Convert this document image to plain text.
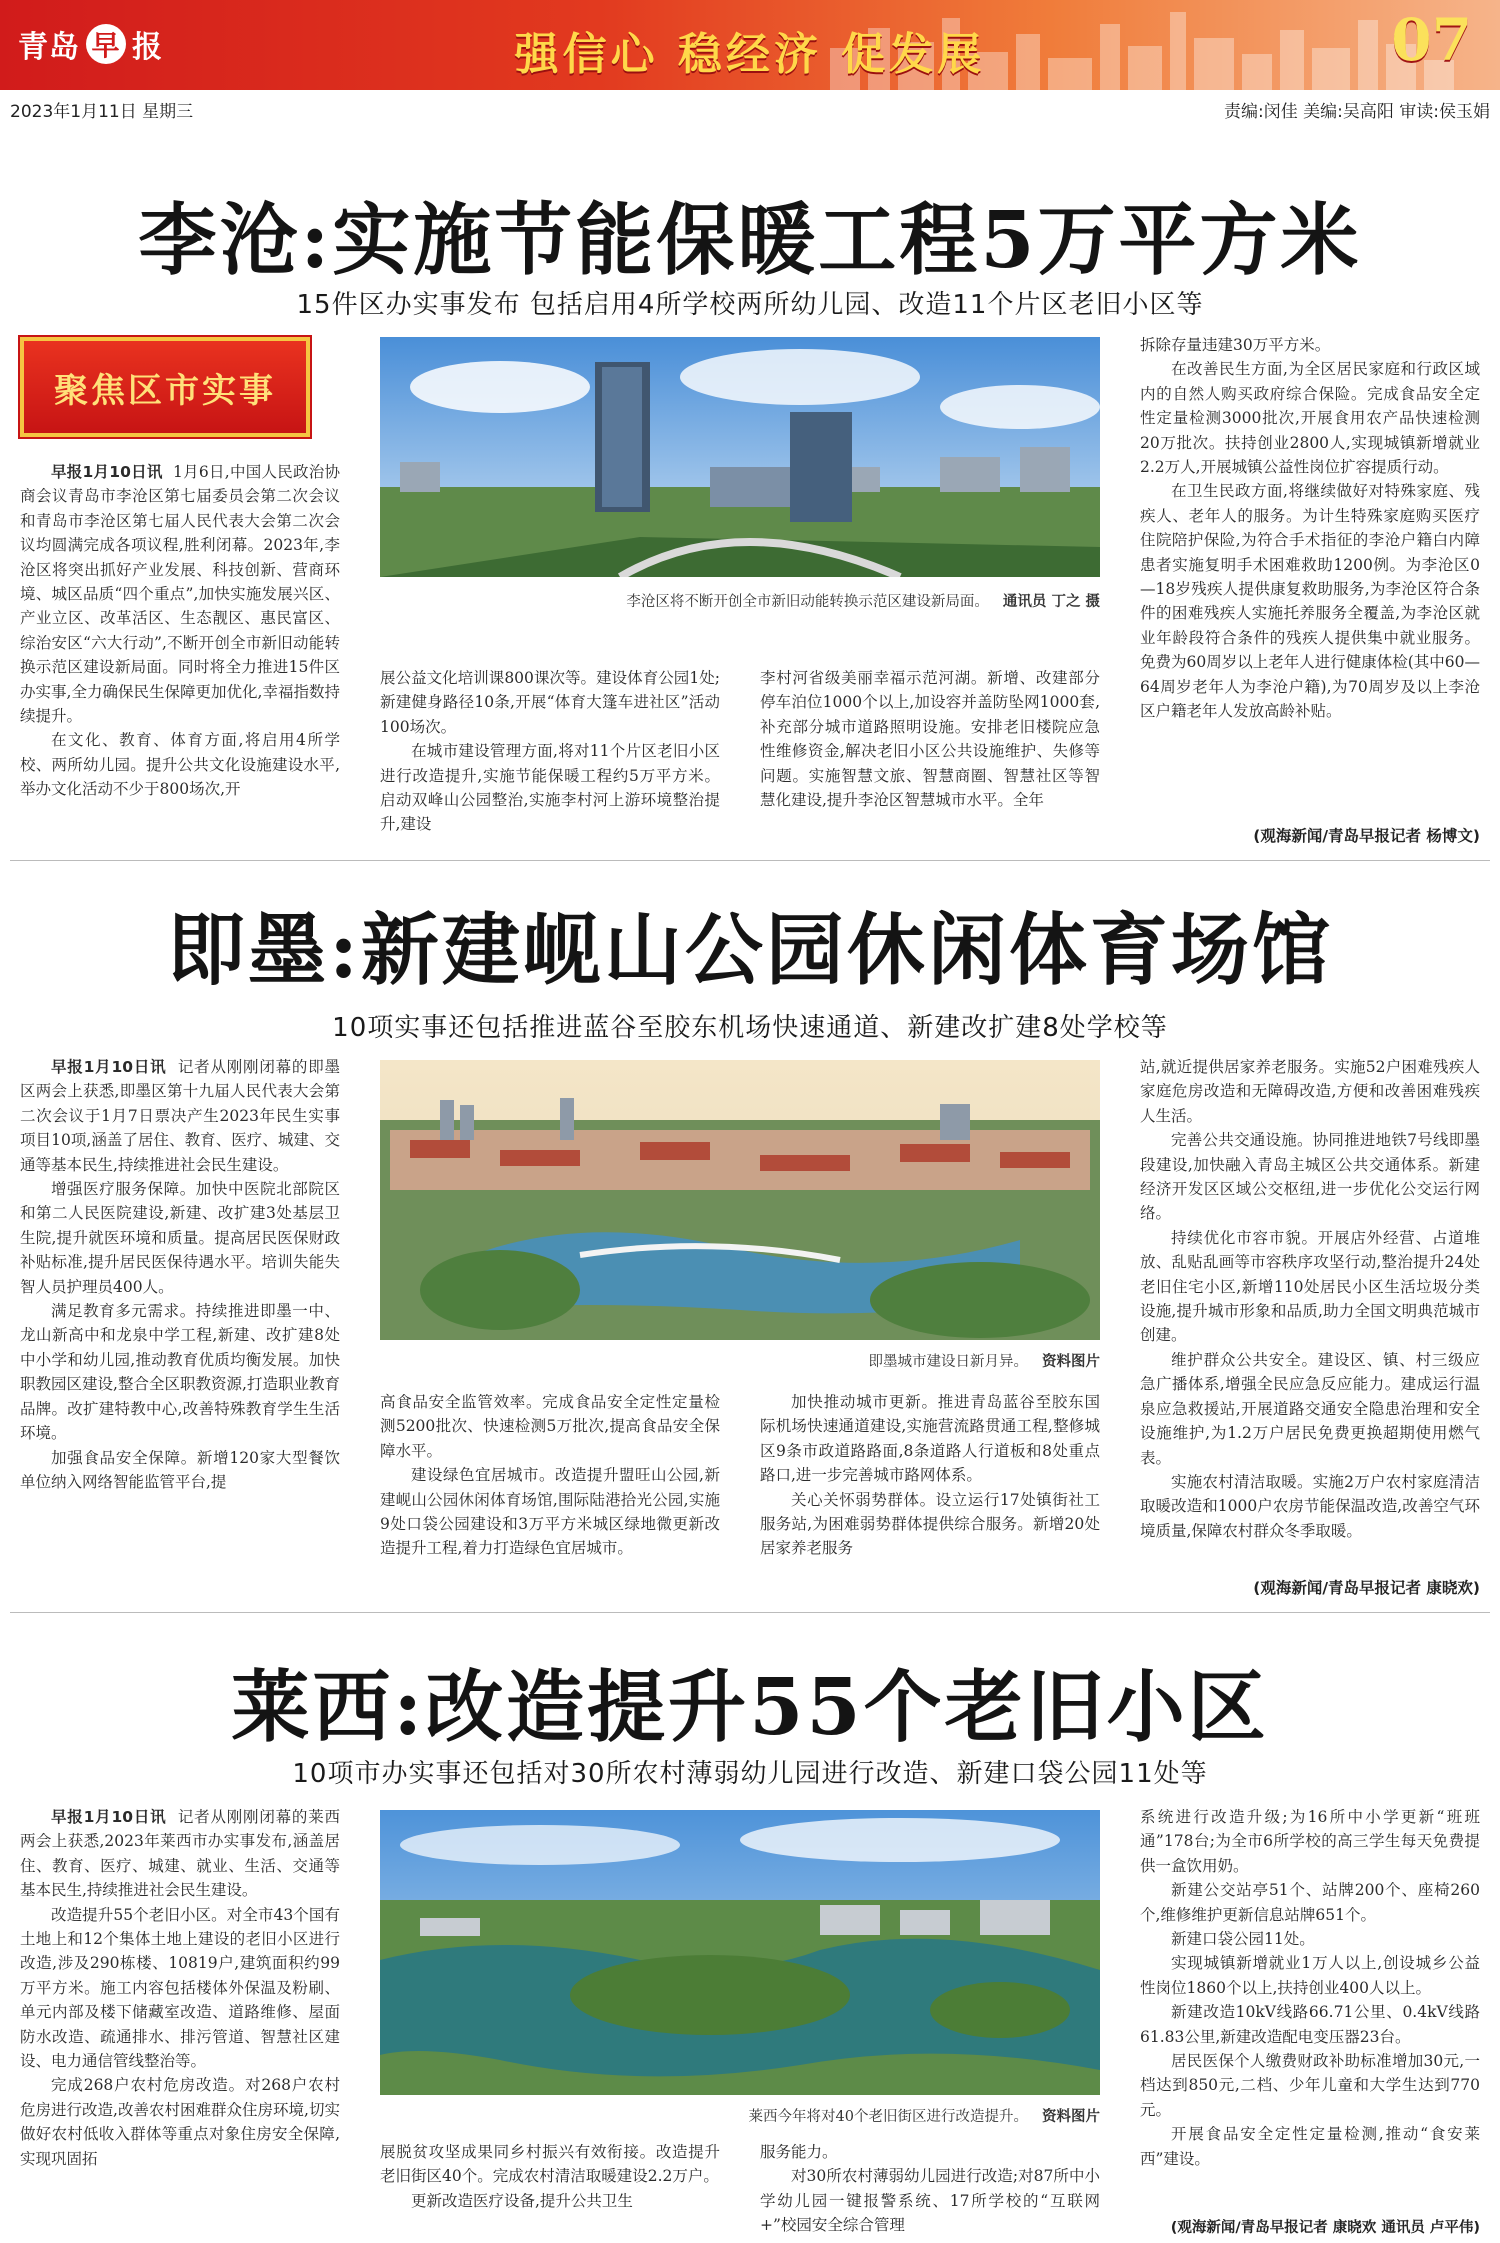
青岛 早 报	强信心 稳经济 促发展	07
2023年1月11日 星期三	责编:闵佳 美编:吴高阳 审读:侯玉娟
李沧:实施节能保暖工程5万平方米
15件区办实事发布 包括启用4所学校两所幼儿园、改造11个片区老旧小区等
聚焦区市实事

早报1月10日讯 1月6日,中国人民政治协商会议青岛市李沧区第七届委员会第二次会议和青岛市李沧区第七届人民代表大会第二次会议均圆满完成各项议程,胜利闭幕。2023年,李沧区将突出抓好产业发展、科技创新、营商环境、城区品质“四个重点”,加快实施发展兴区、产业立区、改革活区、生态靓区、惠民富区、综治安区“六大行动”,不断开创全市新旧动能转换示范区建设新局面。同时将全力推进15件区办实事,全力确保民生保障更加优化,幸福指数持续提升。

在文化、教育、体育方面,将启用4所学校、两所幼儿园。提升公共文化设施建设水平,举办文化活动不少于800场次,开

李沧区将不断开创全市新旧动能转换示范区建设新局面。 通讯员 丁之 摄

展公益文化培训课800课次等。建设体育公园1处;新建健身路径10条,开展“体育大篷车进社区”活动100场次。

在城市建设管理方面,将对11个片区老旧小区进行改造提升,实施节能保暖工程约5万平方米。启动双峰山公园整治,实施李村河上游环境整治提升,建设

李村河省级美丽幸福示范河湖。新增、改建部分停车泊位1000个以上,加设容并盖防坠网1000套,补充部分城市道路照明设施。安排老旧楼院应急性维修资金,解决老旧小区公共设施维护、失修等问题。实施智慧文旅、智慧商圈、智慧社区等智慧化建设,提升李沧区智慧城市水平。全年

拆除存量违建30万平方米。

在改善民生方面,为全区居民家庭和行政区域内的自然人购买政府综合保险。完成食品安全定性定量检测3000批次,开展食用农产品快速检测20万批次。扶持创业2800人,实现城镇新增就业2.2万人,开展城镇公益性岗位扩容提质行动。

在卫生民政方面,将继续做好对特殊家庭、残疾人、老年人的服务。为计生特殊家庭购买医疗住院陪护保险,为符合手术指征的李沧户籍白内障患者实施复明手术困难救助1200例。为李沧区0—18岁残疾人提供康复救助服务,为李沧区符合条件的困难残疾人实施托养服务全覆盖,为李沧区就业年龄段符合条件的残疾人提供集中就业服务。免费为60周岁以上老年人进行健康体检(其中60—64周岁老年人为李沧户籍),为70周岁及以上李沧区户籍老年人发放高龄补贴。

(观海新闻/青岛早报记者 杨博文)
即墨:新建岘山公园休闲体育场馆
10项实事还包括推进蓝谷至胶东机场快速通道、新建改扩建8处学校等

早报1月10日讯 记者从刚刚闭幕的即墨区两会上获悉,即墨区第十九届人民代表大会第二次会议于1月7日票决产生2023年民生实事项目10项,涵盖了居住、教育、医疗、城建、交通等基本民生,持续推进社会民生建设。

增强医疗服务保障。加快中医院北部院区和第二人民医院建设,新建、改扩建3处基层卫生院,提升就医环境和质量。提高居民医保财政补贴标准,提升居民医保待遇水平。培训失能失智人员护理员400人。

满足教育多元需求。持续推进即墨一中、龙山新高中和龙泉中学工程,新建、改扩建8处中小学和幼儿园,推动教育优质均衡发展。加快职教园区建设,整合全区职教资源,打造职业教育品牌。改扩建特教中心,改善特殊教育学生生活环境。

加强食品安全保障。新增120家大型餐饮单位纳入网络智能监管平台,提

即墨城市建设日新月异。 资料图片

高食品安全监管效率。完成食品安全定性定量检测5200批次、快速检测5万批次,提高食品安全保障水平。

建设绿色宜居城市。改造提升盟旺山公园,新建岘山公园休闲体育场馆,围际陆港拾光公园,实施9处口袋公园建设和3万平方米城区绿地微更新改造提升工程,着力打造绿色宜居城市。

加快推动城市更新。推进青岛蓝谷至胶东国际机场快速通道建设,实施营流路贯通工程,整修城区9条市政道路路面,8条道路人行道板和8处重点路口,进一步完善城市路网体系。

关心关怀弱势群体。设立运行17处镇街社工服务站,为困难弱势群体提供综合服务。新增20处居家养老服务

站,就近提供居家养老服务。实施52户困难残疾人家庭危房改造和无障碍改造,方便和改善困难残疾人生活。

完善公共交通设施。协同推进地铁7号线即墨段建设,加快融入青岛主城区公共交通体系。新建经济开发区区域公交枢纽,进一步优化公交运行网络。

持续优化市容市貌。开展店外经营、占道堆放、乱贴乱画等市容秩序攻坚行动,整治提升24处老旧住宅小区,新增110处居民小区生活垃圾分类设施,提升城市形象和品质,助力全国文明典范城市创建。

维护群众公共安全。建设区、镇、村三级应急广播体系,增强全民应急反应能力。建成运行温泉应急救援站,开展道路交通安全隐患治理和安全设施维护,为1.2万户居民免费更换超期使用燃气表。

实施农村清洁取暖。实施2万户农村家庭清洁取暖改造和1000户农房节能保温改造,改善空气环境质量,保障农村群众冬季取暖。

(观海新闻/青岛早报记者 康晓欢)
莱西:改造提升55个老旧小区
10项市办实事还包括对30所农村薄弱幼儿园进行改造、新建口袋公园11处等

早报1月10日讯 记者从刚刚闭幕的莱西两会上获悉,2023年莱西市办实事发布,涵盖居住、教育、医疗、城建、就业、生活、交通等基本民生,持续推进社会民生建设。

改造提升55个老旧小区。对全市43个国有土地上和12个集体土地上建设的老旧小区进行改造,涉及290栋楼、10819户,建筑面积约99万平方米。施工内容包括楼体外保温及粉刷、单元内部及楼下储藏室改造、道路维修、屋面防水改造、疏通排水、排污管道、智慧社区建设、电力通信管线整治等。

完成268户农村危房改造。对268户农村危房进行改造,改善农村困难群众住房环境,切实做好农村低收入群体等重点对象住房安全保障,实现巩固拓

莱西今年将对40个老旧街区进行改造提升。 资料图片

展脱贫攻坚成果同乡村振兴有效衔接。改造提升老旧街区40个。完成农村清洁取暖建设2.2万户。

更新改造医疗设备,提升公共卫生

服务能力。

对30所农村薄弱幼儿园进行改造;对87所中小学幼儿园一键报警系统、17所学校的“互联网+”校园安全综合管理

系统进行改造升级;为16所中小学更新“班班通”178台;为全市6所学校的高三学生每天免费提供一盒饮用奶。

新建公交站亭51个、站牌200个、座椅260个,维修维护更新信息站牌651个。

新建口袋公园11处。

实现城镇新增就业1万人以上,创设城乡公益性岗位1860个以上,扶持创业400人以上。

新建改造10kV线路66.71公里、0.4kV线路61.83公里,新建改造配电变压器23台。

居民医保个人缴费财政补助标准增加30元,一档达到850元,二档、少年儿童和大学生达到770元。

开展食品安全定性定量检测,推动“食安莱西”建设。

(观海新闻/青岛早报记者 康晓欢 通讯员 卢平伟)
